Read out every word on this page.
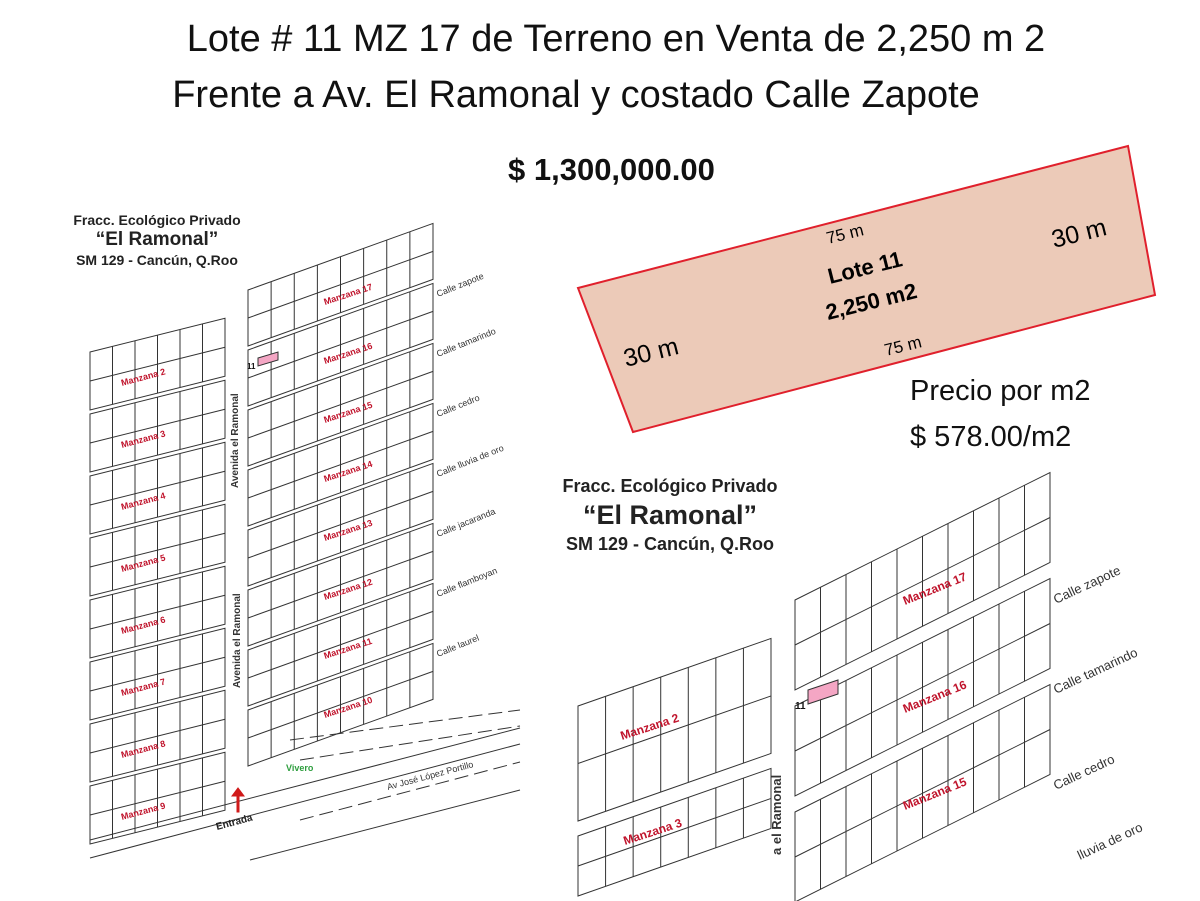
Lote # 11 MZ 17 de Terreno en Venta de 2,250 m 2
Frente a Av. El Ramonal y costado Calle Zapote
$ 1,300,000.00
75 m	30 m
Lote 11
2,250 m2
30 m	75 m
Avenida el Ramonal
Avenida el Ramonal
Av José López Portillo
Entrada
Vivero
11
Calle zapote
Calle tamarindo
Calle cedro
Calle lluvia de oro
Calle jacaranda
Calle flamboyan
Calle laurel
Manzana 2
Manzana 3
Manzana 4
Manzana 5
Manzana 6
Manzana 7
Manzana 8
Manzana 9
Manzana 17
Manzana 16
Manzana 15
Manzana 14
Manzana 13
Manzana 12
Manzana 11
Manzana 10
a el Ramonal
11
Calle zapote
Calle tamarindo
Calle cedro
lluvia de oro
Manzana 2
Manzana 3
Manzana 17
Manzana 16
Manzana 15
Fracc. Ecológico Privado
“El Ramonal”
SM 129 - Cancún, Q.Roo
Fracc. Ecológico Privado
“El Ramonal”
SM 129 - Cancún, Q.Roo
Precio por m2
$ 578.00/m2
